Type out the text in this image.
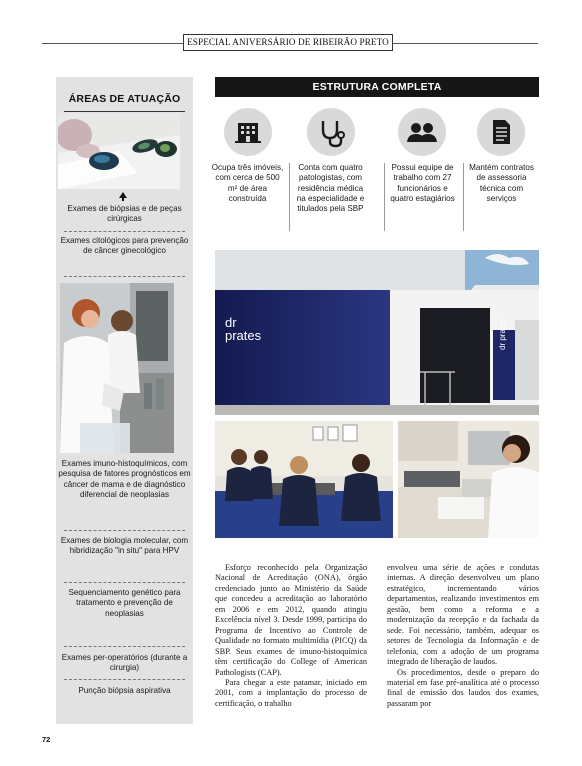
ESPECIAL ANIVERSÁRIO DE RIBEIRÃO PRETO
ÁREAS DE ATUAÇÃO
Exames de biópsias e de peças cirúrgicas
Exames citológicos para prevenção de câncer ginecológico
Exames imuno-histoquímicos, com pesquisa de fatores prognósticos em câncer de mama e de diagnóstico diferencial de neoplasias
Exames de biologia molecular, com hibridização "in situ" para HPV
Sequenciamento genético para tratamento e prevenção de neoplasias
Exames per-operatórios (durante a cirurgia)
Punção biópsia aspirativa
ESTRUTURA COMPLETA
Ocupa três imóveis, com cerca de 500 m² de área construída
Conta com quatro patologistas, com residência médica na especialidade e titulados pela SBP
Possui equipe de trabalho com 27 funcionários e quatro estagiários
Mantém contratos de assessoria técnica com serviços
dr
prates
dr prates

Esforço reconhecido pela Organização Nacional de Acreditação (ONA), órgão credenciado junto ao Ministério da Saúde que concedeu a acreditação ao laboratório em 2006 e em 2012, quando atingiu Excelência nível 3. Desde 1999, participa do Programa de Incentivo ao Controle de Qualidade no formato multimídia (PICQ) da SBP. Seus exames de imuno-histoquímica têm certificação do College of American Pathologists (CAP).

Para chegar a este patamar, iniciado em 2001, com a implantação do processo de certificação, o trabalho

envolveu uma série de ações e condutas internas. A direção desenvolveu um plano estratégico, incrementando vários departamentos, realizando investimentos em gestão, bem como a reforma e a modernização da recepção e da fachada da sede. Foi necessário, também, adequar os setores de Tecnologia da Informação e de telefonia, com a adoção de um programa integrado de liberação de laudos.

Os procedimentos, desde o preparo do material em fase pré-analítica até o processo final de emissão dos laudos dos exames, passaram por

72
